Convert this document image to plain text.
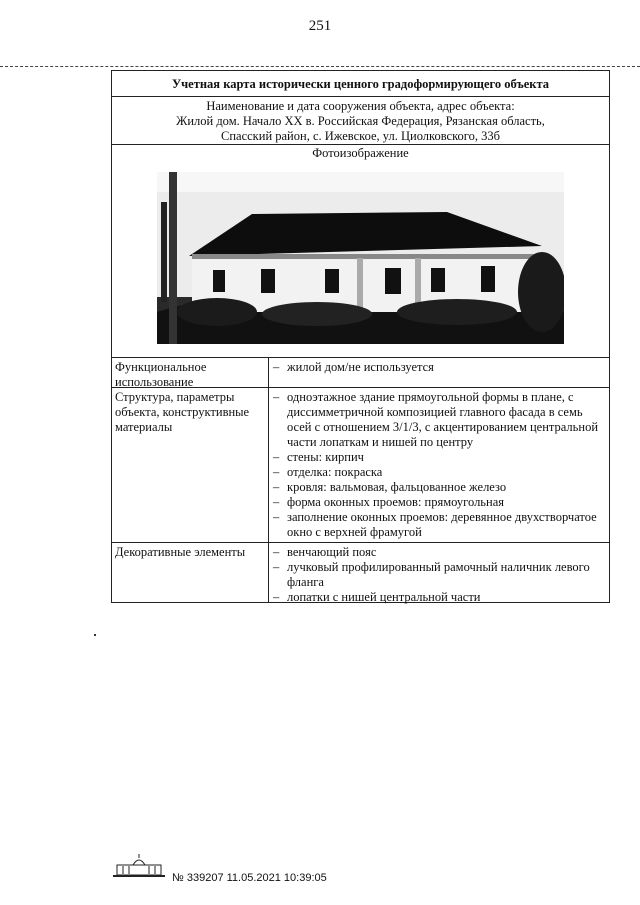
251
Учетная карта исторически ценного градоформирующего объекта
Наименование и дата сооружения объекта, адрес объекта:
Жилой дом. Начало XX в. Российская Федерация, Рязанская область,
Спасский район, с. Ижевское, ул. Циолковского, 33б
Фотоизображение
Функциональное использование
– жилой дом/не используется
Структура, параметры объекта, конструктивные материалы
– одноэтажное здание прямоугольной формы в плане, с диссимметричной композицией главного фасада в семь осей с отношением 3/1/3, с акцентированием центральной части лопаткам и нишей по центру
– стены: кирпич
– отделка: покраска
– кровля: вальмовая, фальцованное железо
– форма оконных проемов: прямоугольная
– заполнение оконных проемов: деревянное двухстворчатое окно с верхней фрамугой
Декоративные элементы	– венчающий пояс
– лучковый профилированный рамочный наличник левого фланга
– лопатки с нишей центральной части
№ 339207 11.05.2021 10:39:05
